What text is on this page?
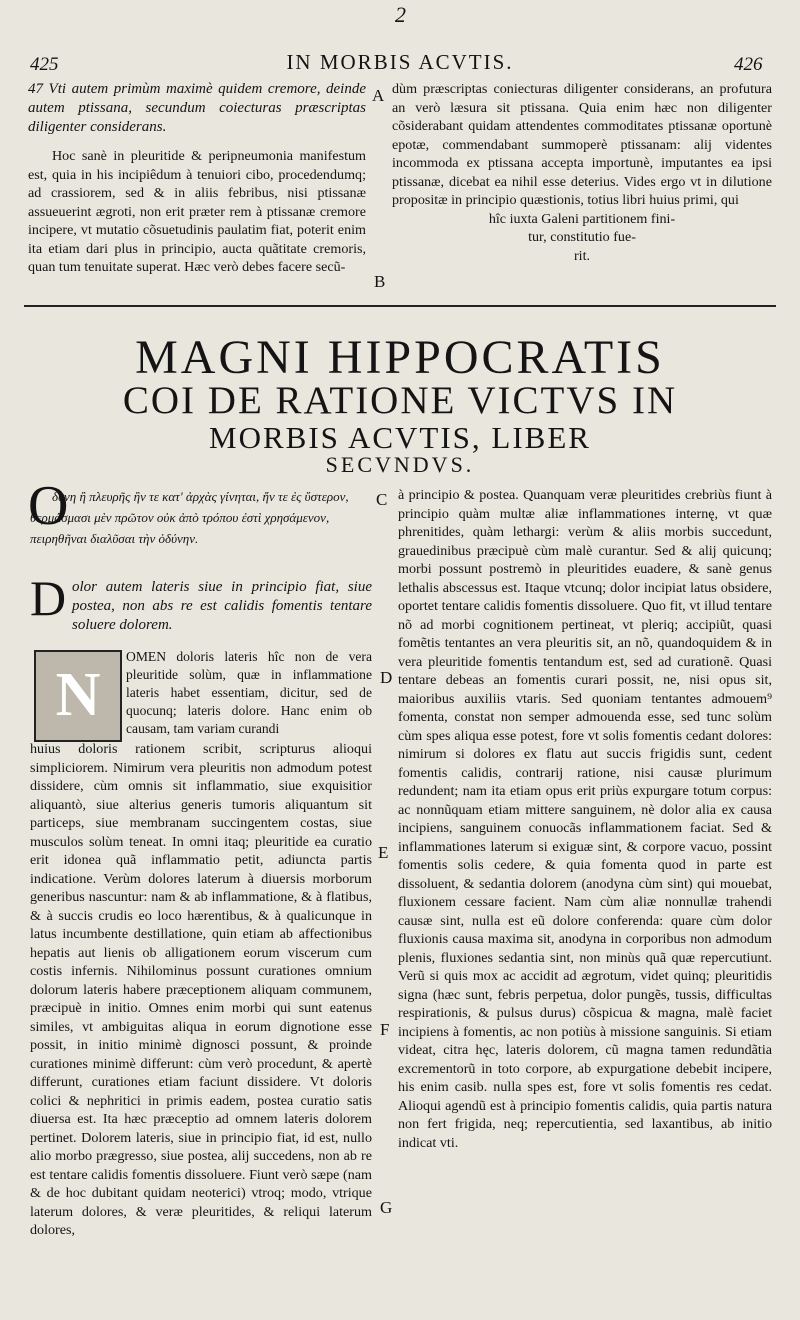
2
425	IN MORBIS ACVTIS.	426

47 Vti autem primùm maximè quidem cremore, deinde autem ptissana, secundum coiecturas præscriptas diligenter considerans.

Hoc sanè in pleuritide & peripneumonia manifestum est, quia in his incipiêdum à tenuiori cibo, procedendumq; ad crassiorem, sed & in aliis febribus, nisi ptissanæ assueuerint ægroti, non erit præter rem à ptissanæ cremore incipere, vt mutatio cõsuetudinis paulatim fiat, poterit enim ita etiam dari plus in principio, aucta quãtitate cremoris, quan tum tenuitate superat. Hæc verò debes facere secũ-

A
B

dùm præscriptas coniecturas diligenter considerans, an profutura an verò læsura sit ptissana. Quia enim hæc non diligenter cõsiderabant quidam attendentes commoditates ptissanæ oportunè epotæ, commendabant summoperè ptissanam: alij videntes incommoda ex ptissana accepta importunè, imputantes ea ipsi ptissanæ, dicebat ea nihil esse deterius. Vides ergo vt in dilutione propositæ in principio quæstionis, totius libri huius primi, qui

hîc iuxta Galeni partitionem fini-

tur, constitutio fue-

rit.

MAGNI HIPPOCRATIS
COI DE RATIONE VICTVS IN
MORBIS ACVTIS, LIBER
SECVNDVS.
O
δυνη ἢ πλευρῆς ἢν τε κατ' ἀρχὰς γίνηται, ἤν τε ἐς ὕστερον, θερμάσμασι μὲν πρῶτον οὐκ ἀπὸ τρόπου ἐστὶ χρησάμενον, πειρηθῆναι διαλῦσαι τὴν ὀδύνην.
D olor autem lateris siue in principio fiat, siue postea, non abs re est calidis fomentis tentare soluere dolorem.
N
OMEN doloris lateris hîc non de vera pleuritide solùm, quæ in inflammatione lateris habet essentiam, dicitur, sed de quocunq; lateris dolore. Hanc enim ob causam, tam variam curandi
huius doloris rationem scribit, scripturus alioqui simpliciorem. Nimirum vera pleuritis non admodum potest dissidere, cùm omnis sit inflammatio, siue exquisitior aliquantò, siue alterius generis tumoris aliquantum sit particeps, siue membranam succingentem costas, siue musculos solùm teneat. In omni itaq; pleuritide ea curatio erit idonea quã inflammatio petit, adiuncta partis indicatione. Verùm dolores laterum à diuersis morborum generibus nascuntur: nam & ab inflammatione, & à flatibus, & à succis crudis eo loco hærentibus, & à qualicunque in latus incumbente destillatione, quin etiam ab affectionibus hepatis aut lienis ob alligationem eorum viscerum cum costis infernis. Nihilominus possunt curationes omnium dolorum lateris habere præceptionem aliquam communem, præcipuè in initio. Omnes enim morbi qui sunt eatenus similes, vt ambiguitas aliqua in eorum dignotione esse possit, in initio minimè dignosci possunt, & proinde curationes minimè differunt: cùm verò procedunt, & apertè differunt, curationes etiam faciunt dissidere. Vt doloris colici & nephritici in primis eadem, postea curatio satis diuersa est. Ita hæc præceptio ad omnem lateris dolorem pertinet. Dolorem lateris, siue in principio fiat, id est, nullo alio morbo prægresso, siue postea, alij succedens, non ab re est tentare calidis fomentis dissoluere. Fiunt verò sæpe (nam & de hoc dubitant quidam neoterici) vtroq; modo, vtrique laterum dolores, & veræ pleuritides, & reliqui laterum dolores,
C
D
E
F
G
à principio & postea. Quanquam veræ pleuritides crebriùs fiunt à principio quàm multæ aliæ inflammationes internę, vt quæ phrenitides, quàm lethargi: verùm & aliis morbis succedunt, grauedinibus præcipuè cùm malè curantur. Sed & alij quicunq; morbi possunt postremò in pleuritides euadere, & sanè genus lethalis abscessus est. Itaque vtcunq; dolor incipiat latus obsidere, oportet tentare calidis fomentis dissoluere. Quo fit, vt illud tentare nõ ad morbi cognitionem pertineat, vt pleriq; accipiũt, quasi fomẽtis tentantes an vera pleuritis sit, an nõ, quandoquidem & in vera pleuritide fomentis tentandum est, sed ad curationẽ. Quasi tentare debeas an fomentis curari possit, ne, nisi opus sit, maioribus auxiliis vtaris. Sed quoniam tentantes admouem⁹ fomenta, constat non semper admouenda esse, sed tunc solùm cùm spes aliqua esse potest, fore vt solis fomentis cedant dolores: nimirum si dolores ex flatu aut succis frigidis sunt, cedent fomentis calidis, contrarij ratione, nisi causæ plurimum redundent; nam ita etiam opus erit priùs expurgare totum corpus: ac nonnũquam etiam mittere sanguinem, nè dolor alia ex causa incipiens, sanguinem conuocãs inflammationem faciat. Sed & inflammationes laterum si exiguæ sint, & corpore vacuo, possint fomentis solis cedere, & quia fomenta quod in parte est dissoluent, & sedantia dolorem (anodyna cùm sint) qui mouebat, fluxionem cessare facient. Nam cùm aliæ nonnullæ trahendi causæ sint, nulla est eũ dolore conferenda: quare cùm dolor fluxionis causa maxima sit, anodyna in corporibus non admodum plenis, fluxiones sedantia sint, non minùs quã quæ repercutiunt. Verũ si quis mox ac accidit ad ægrotum, videt quinq; pleuritidis signa (hæc sunt, febris perpetua, dolor pungẽs, tussis, difficultas respirationis, & pulsus durus) cõspicua & magna, malè faciet incipiens à fomentis, ac non potiùs à missione sanguinis. Si etiam videat, citra hęc, lateris dolorem, cũ magna tamen redundãtia excrementorũ in toto corpore, ab expurgatione debebit incipere, his enim casib. nulla spes est, fore vt solis fomentis res cedat. Alioqui agendũ est à principio fomentis calidis, quia partis natura non fert frigida, neq; repercutientia, sed laxantibus, ab initio indicat vti.
